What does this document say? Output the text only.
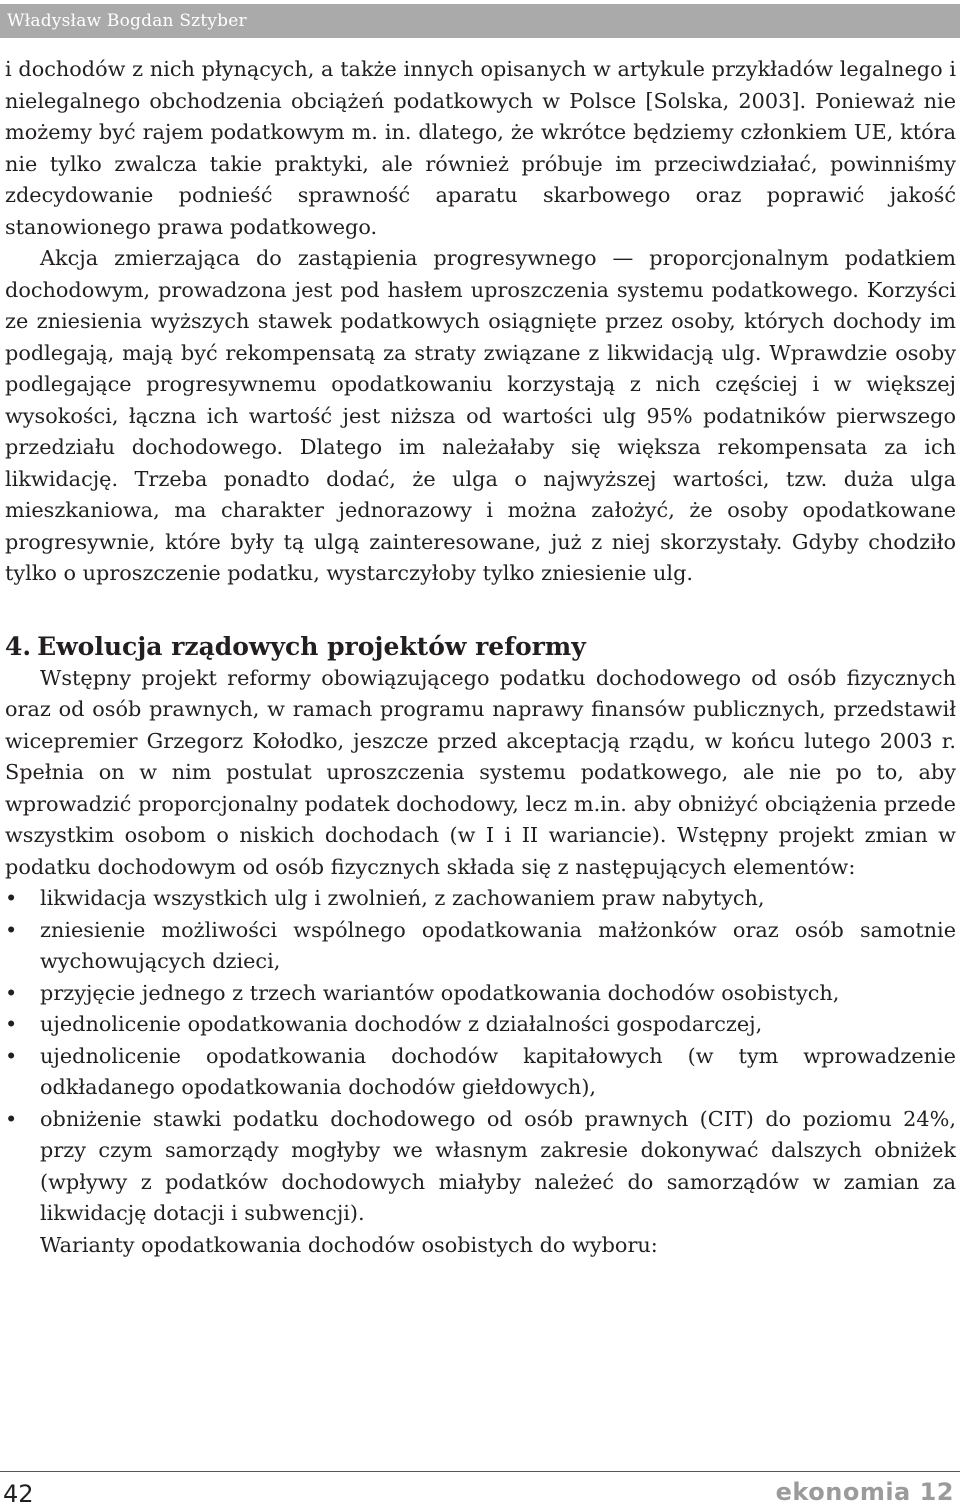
Władysław Bogdan Sztyber

i dochodów z nich płynących, a także innych opisanych w artykule przykładów legalnego i nielegalnego obchodzenia obciążeń podatkowych w Polsce [Solska, 2003]. Ponieważ nie możemy być rajem podatkowym m. in. dlatego, że wkrótce będziemy członkiem UE, która nie tylko zwalcza takie praktyki, ale również próbuje im przeciwdziałać, powinniśmy zdecydowanie podnieść sprawność aparatu skarbowego oraz poprawić jakość stanowionego prawa podatkowego.

Akcja zmierzająca do zastąpienia progresywnego — proporcjonalnym podatkiem dochodowym, prowadzona jest pod hasłem uproszczenia systemu podatkowego. Korzyści ze zniesienia wyższych stawek podatkowych osiągnięte przez osoby, których dochody im podlegają, mają być rekompensatą za straty związane z likwidacją ulg. Wprawdzie osoby podlegające progresywnemu opodatkowaniu korzystają z nich częściej i w większej wysokości, łączna ich wartość jest niższa od wartości ulg 95% podatników pierwszego przedziału dochodowego. Dlatego im należałaby się większa rekompensata za ich likwidację. Trzeba ponadto dodać, że ulga o najwyższej wartości, tzw. duża ulga mieszkaniowa, ma charakter jednorazowy i można założyć, że osoby opodatkowane progresywnie, które były tą ulgą zainteresowane, już z niej skorzystały. Gdyby chodziło tylko o uproszczenie podatku, wystarczyłoby tylko zniesienie ulg.

4. Ewolucja rządowych projektów reformy

Wstępny projekt reformy obowiązującego podatku dochodowego od osób fizycznych oraz od osób prawnych, w ramach programu naprawy finansów publicznych, przedstawił wicepremier Grzegorz Kołodko, jeszcze przed akceptacją rządu, w końcu lutego 2003 r. Spełnia on w nim postulat uproszczenia systemu podatkowego, ale nie po to, aby wprowadzić proporcjonalny podatek dochodowy, lecz m.in. aby obniżyć obciążenia przede wszystkim osobom o niskich dochodach (w I i II wariancie). Wstępny projekt zmian w podatku dochodowym od osób fizycznych składa się z następujących elementów:

• likwidacja wszystkich ulg i zwolnień, z zachowaniem praw nabytych,
• zniesienie możliwości wspólnego opodatkowania małżonków oraz osób samotnie wychowujących dzieci,
• przyjęcie jednego z trzech wariantów opodatkowania dochodów osobistych,
• ujednolicenie opodatkowania dochodów z działalności gospodarczej,
• ujednolicenie opodatkowania dochodów kapitałowych (w tym wprowadzenie odkładanego opodatkowania dochodów giełdowych),
• obniżenie stawki podatku dochodowego od osób prawnych (CIT) do poziomu 24%, przy czym samorządy mogłyby we własnym zakresie dokonywać dalszych obniżek (wpływy z podatków dochodowych miałyby należeć do samorządów w zamian za likwidację dotacji i subwencji).

Warianty opodatkowania dochodów osobistych do wyboru:

42	ekonomia 12
